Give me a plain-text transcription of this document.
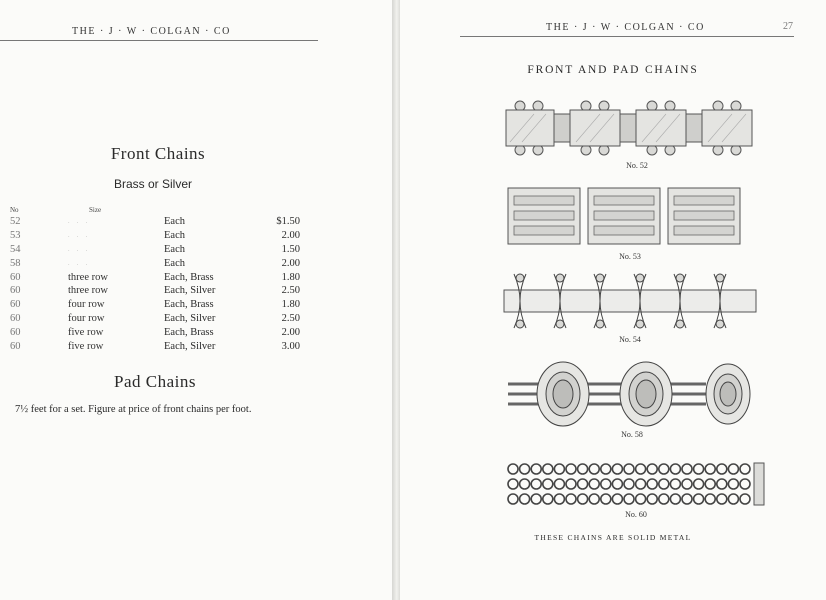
THE · J · W · COLGAN · CO
Front Chains
Brass or Silver
No	Size
52	· · ·	Each	$1.50
53	· · ·	Each	2.00
54	· · ·	Each	1.50
58	· · ·	Each	2.00
60	three row	Each, Brass	1.80
60	three row	Each, Silver	2.50
60	four row	Each, Brass	1.80
60	four row	Each, Silver	2.50
60	five row	Each, Brass	2.00
60	five row	Each, Silver	3.00
Pad Chains
7½ feet for a set. Figure at price of front chains per foot.
THE · J · W · COLGAN · CO	27
FRONT AND PAD CHAINS
No. 52
No. 53
No. 54
No. 58
No. 60
THESE CHAINS ARE SOLID METAL
